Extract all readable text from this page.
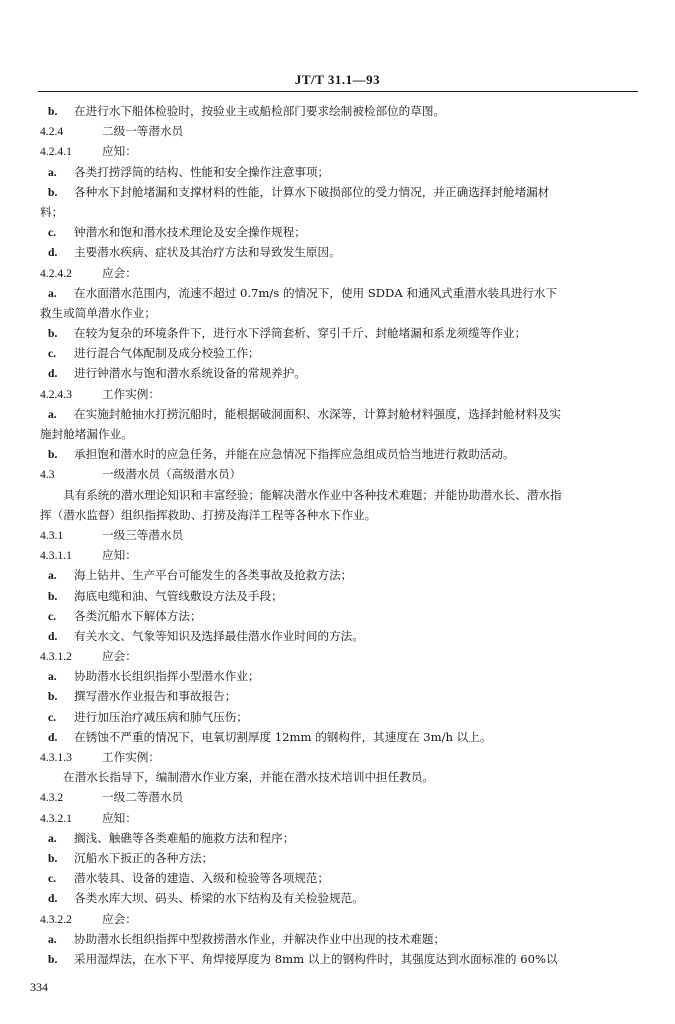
JT/T 31.1—93
b. 在进行水下船体检验时，按验业主或船检部门要求绘制被检部位的草图。
4.2.4	二级一等潜水员
4.2.4.1	应知：
a. 各类打捞浮筒的结构、性能和安全操作注意事项；
b. 各种水下封舱堵漏和支撑材料的性能，计算水下破损部位的受力情况，并正确选择封舱堵漏材
料；
c. 钟潜水和饱和潜水技术理论及安全操作规程；
d. 主要潜水疾病、症状及其治疗方法和导致发生原因。
4.2.4.2	应会：
a. 在水面潜水范围内，流速不超过 0.7m/s 的情况下，使用 SDDA 和通风式重潜水装具进行水下
救生或简单潜水作业；
b. 在较为复杂的环境条件下，进行水下浮筒套析、穿引千斤、封舱堵漏和系龙须缆等作业；
c. 进行混合气体配制及成分校验工作；
d. 进行钟潜水与饱和潜水系统设备的常规养护。
4.2.4.3	工作实例：
a. 在实施封舱抽水打捞沉船时，能根据破洞面积、水深等，计算封舱材料强度，选择封舱材料及实
施封舱堵漏作业。
b. 承担饱和潜水时的应急任务，并能在应急情况下指挥应急组成员恰当地进行救助活动。
4.3	一级潜水员（高级潜水员）
具有系统的潜水理论知识和丰富经验；能解决潜水作业中各种技术难题；并能协助潜水长、潜水指
挥（潜水监督）组织指挥救助、打捞及海洋工程等各种水下作业。
4.3.1	一级三等潜水员
4.3.1.1	应知：
a. 海上钻井、生产平台可能发生的各类事故及抢救方法；
b. 海底电缆和油、气管线敷设方法及手段；
c. 各类沉船水下解体方法；
d. 有关水文、气象等知识及选择最佳潜水作业时间的方法。
4.3.1.2	应会：
a. 协助潜水长组织指挥小型潜水作业；
b. 撰写潜水作业报告和事故报告；
c. 进行加压治疗减压病和肺气压伤；
d. 在锈蚀不严重的情况下，电氧切割厚度 12mm 的钢构件，其速度在 3m/h 以上。
4.3.1.3	工作实例：
在潜水长指导下，编制潜水作业方案，并能在潜水技术培训中担任教员。
4.3.2	一级二等潜水员
4.3.2.1	应知：
a. 搁浅、触礁等各类难船的施救方法和程序；
b. 沉船水下扳正的各种方法；
c. 潜水装具、设备的建造、入级和检验等各项规范；
d. 各类水库大坝、码头、桥梁的水下结构及有关检验规范。
4.3.2.2	应会：
a. 协助潜水长组织指挥中型救捞潜水作业，并解决作业中出现的技术难题；
b. 采用湿焊法，在水下平、角焊接厚度为 8mm 以上的钢构件时，其强度达到水面标准的 60%以
334
